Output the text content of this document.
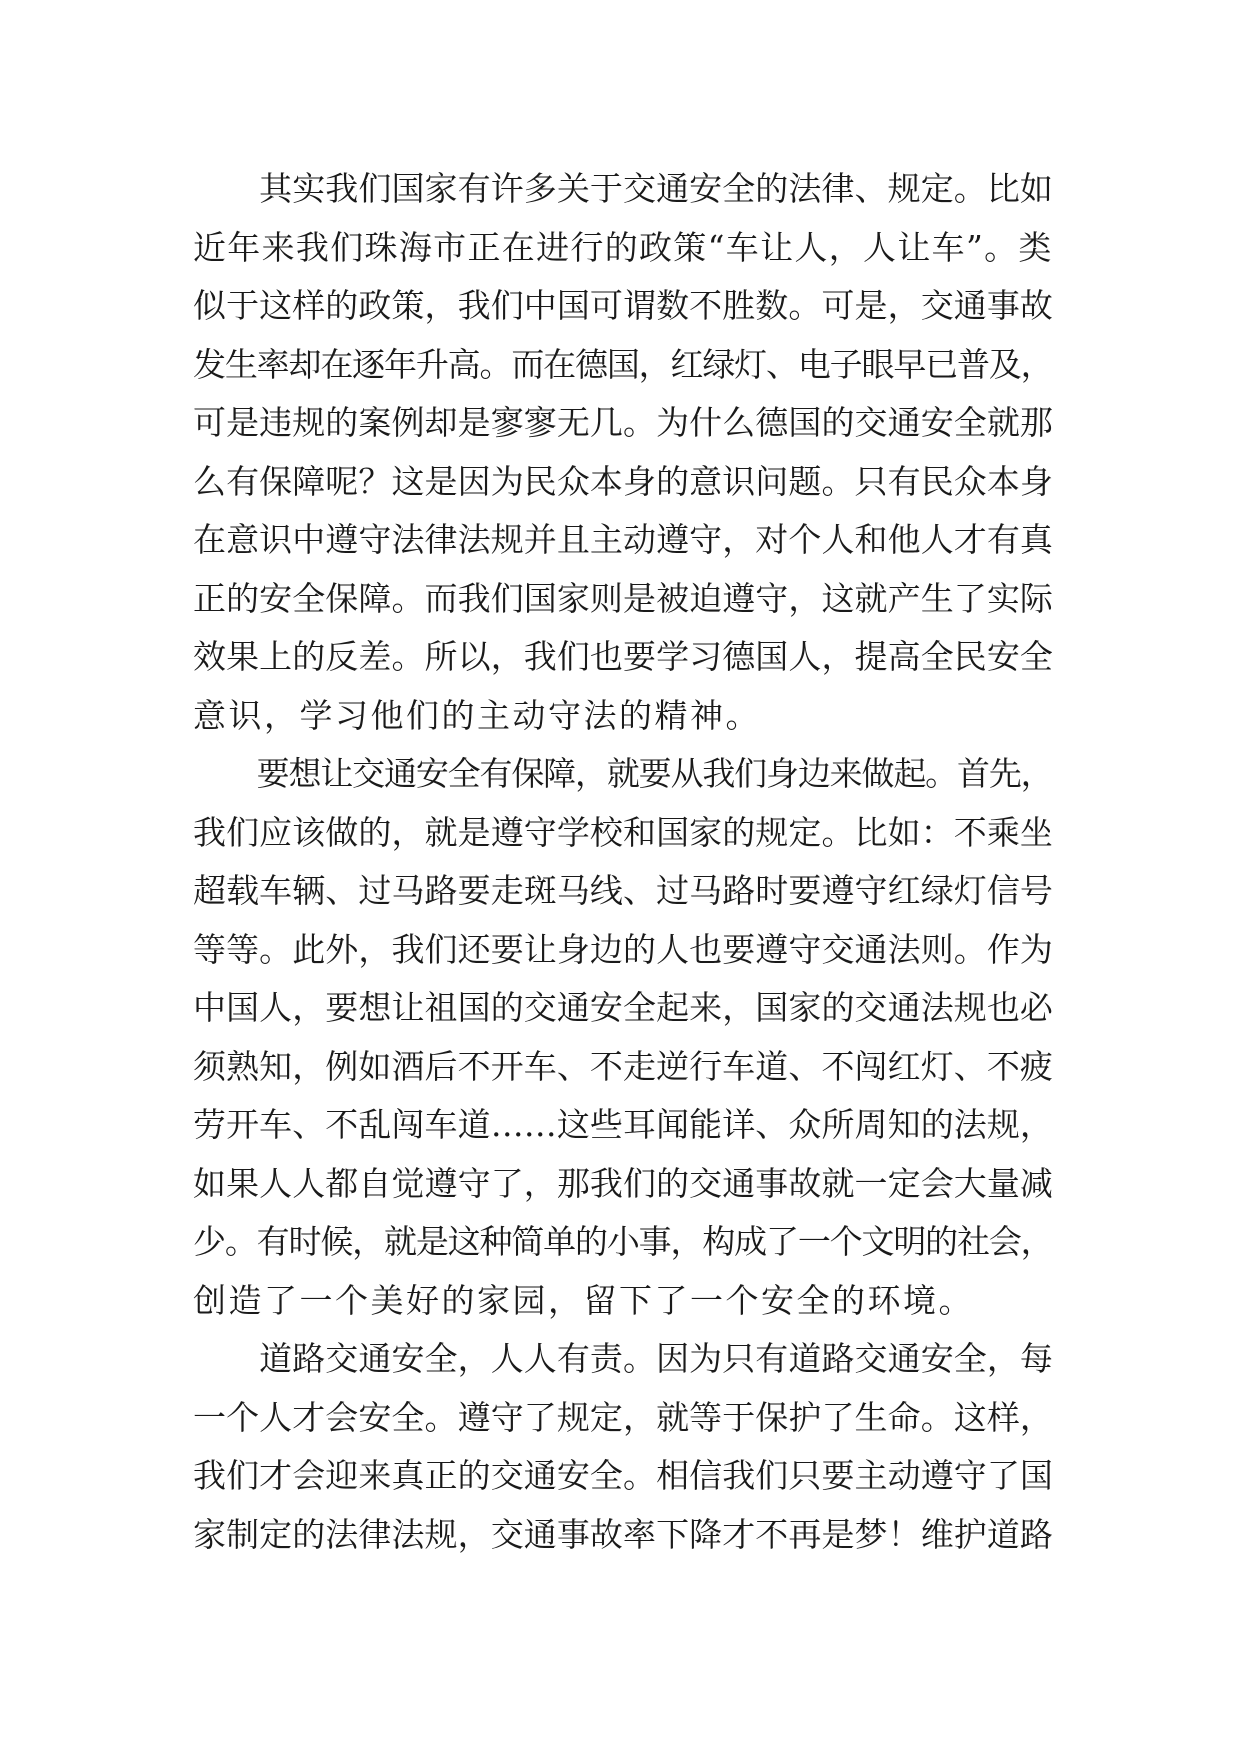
　　其实我们国家有许多关于交通安全的法律、规定。比如
近年来我们珠海市正在进行的政策“车让人，人让车”。类
似于这样的政策，我们中国可谓数不胜数。可是，交通事故
发生率却在逐年升高。而在德国，红绿灯、电子眼早已普及，
可是违规的案例却是寥寥无几。为什么德国的交通安全就那
么有保障呢？这是因为民众本身的意识问题。只有民众本身
在意识中遵守法律法规并且主动遵守，对个人和他人才有真
正的安全保障。而我们国家则是被迫遵守，这就产生了实际
效果上的反差。所以，我们也要学习德国人，提高全民安全
意识，学习他们的主动守法的精神。
　　要想让交通安全有保障，就要从我们身边来做起。首先，
我们应该做的，就是遵守学校和国家的规定。比如：不乘坐
超载车辆、过马路要走斑马线、过马路时要遵守红绿灯信号
等等。此外，我们还要让身边的人也要遵守交通法则。作为
中国人，要想让祖国的交通安全起来，国家的交通法规也必
须熟知，例如酒后不开车、不走逆行车道、不闯红灯、不疲
劳开车、不乱闯车道……这些耳闻能详、众所周知的法规，
如果人人都自觉遵守了，那我们的交通事故就一定会大量减
少。有时候，就是这种简单的小事，构成了一个文明的社会，
创造了一个美好的家园，留下了一个安全的环境。
　　道路交通安全，人人有责。因为只有道路交通安全，每
一个人才会安全。遵守了规定，就等于保护了生命。这样，
我们才会迎来真正的交通安全。相信我们只要主动遵守了国
家制定的法律法规，交通事故率下降才不再是梦！维护道路
